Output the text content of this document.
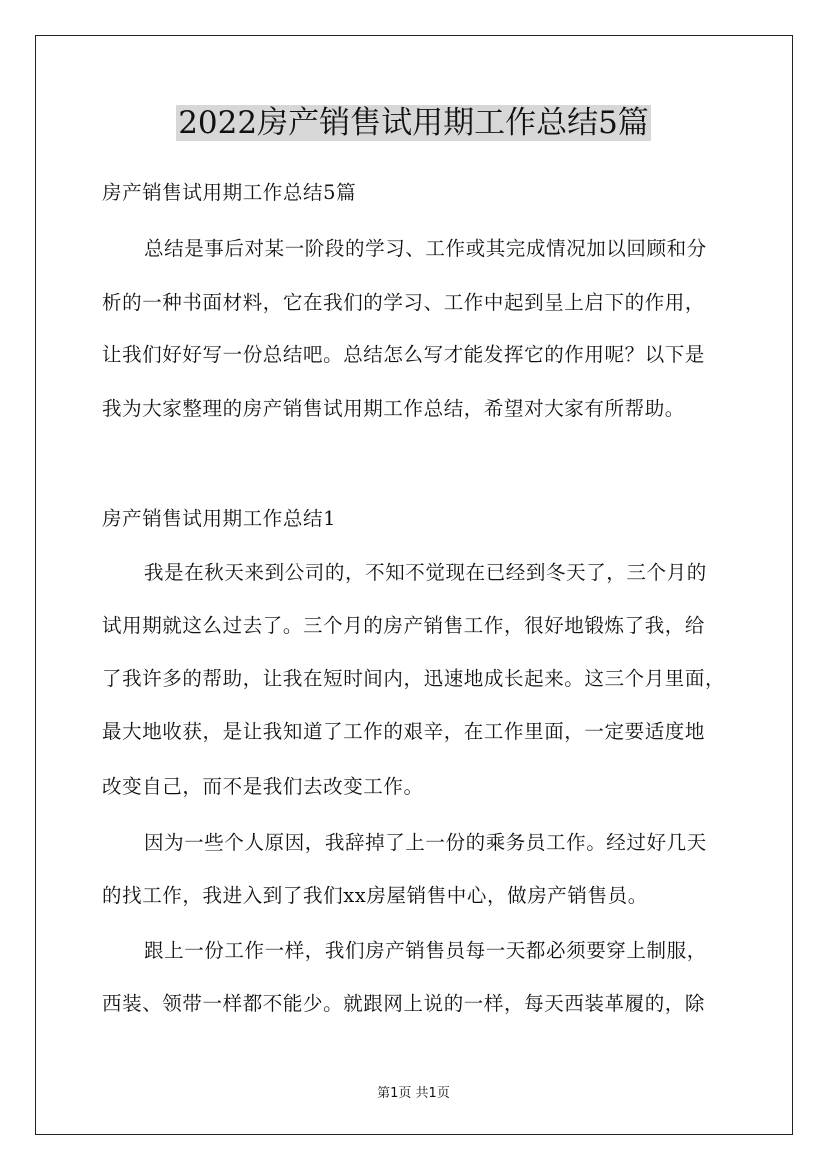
2022房产销售试用期工作总结5篇
房产销售试用期工作总结5篇
总结是事后对某一阶段的学习、工作或其完成情况加以回顾和分
析的一种书面材料，它在我们的学习、工作中起到呈上启下的作用，
让我们好好写一份总结吧。总结怎么写才能发挥它的作用呢？以下是
我为大家整理的房产销售试用期工作总结，希望对大家有所帮助。
房产销售试用期工作总结1
我是在秋天来到公司的，不知不觉现在已经到冬天了，三个月的
试用期就这么过去了。三个月的房产销售工作，很好地锻炼了我，给
了我许多的帮助，让我在短时间内，迅速地成长起来。这三个月里面，
最大地收获，是让我知道了工作的艰辛，在工作里面，一定要适度地
改变自己，而不是我们去改变工作。
因为一些个人原因，我辞掉了上一份的乘务员工作。经过好几天
的找工作，我进入到了我们xx房屋销售中心，做房产销售员。
跟上一份工作一样，我们房产销售员每一天都必须要穿上制服，
西装、领带一样都不能少。就跟网上说的一样，每天西装革履的，除
第1页 共1页
